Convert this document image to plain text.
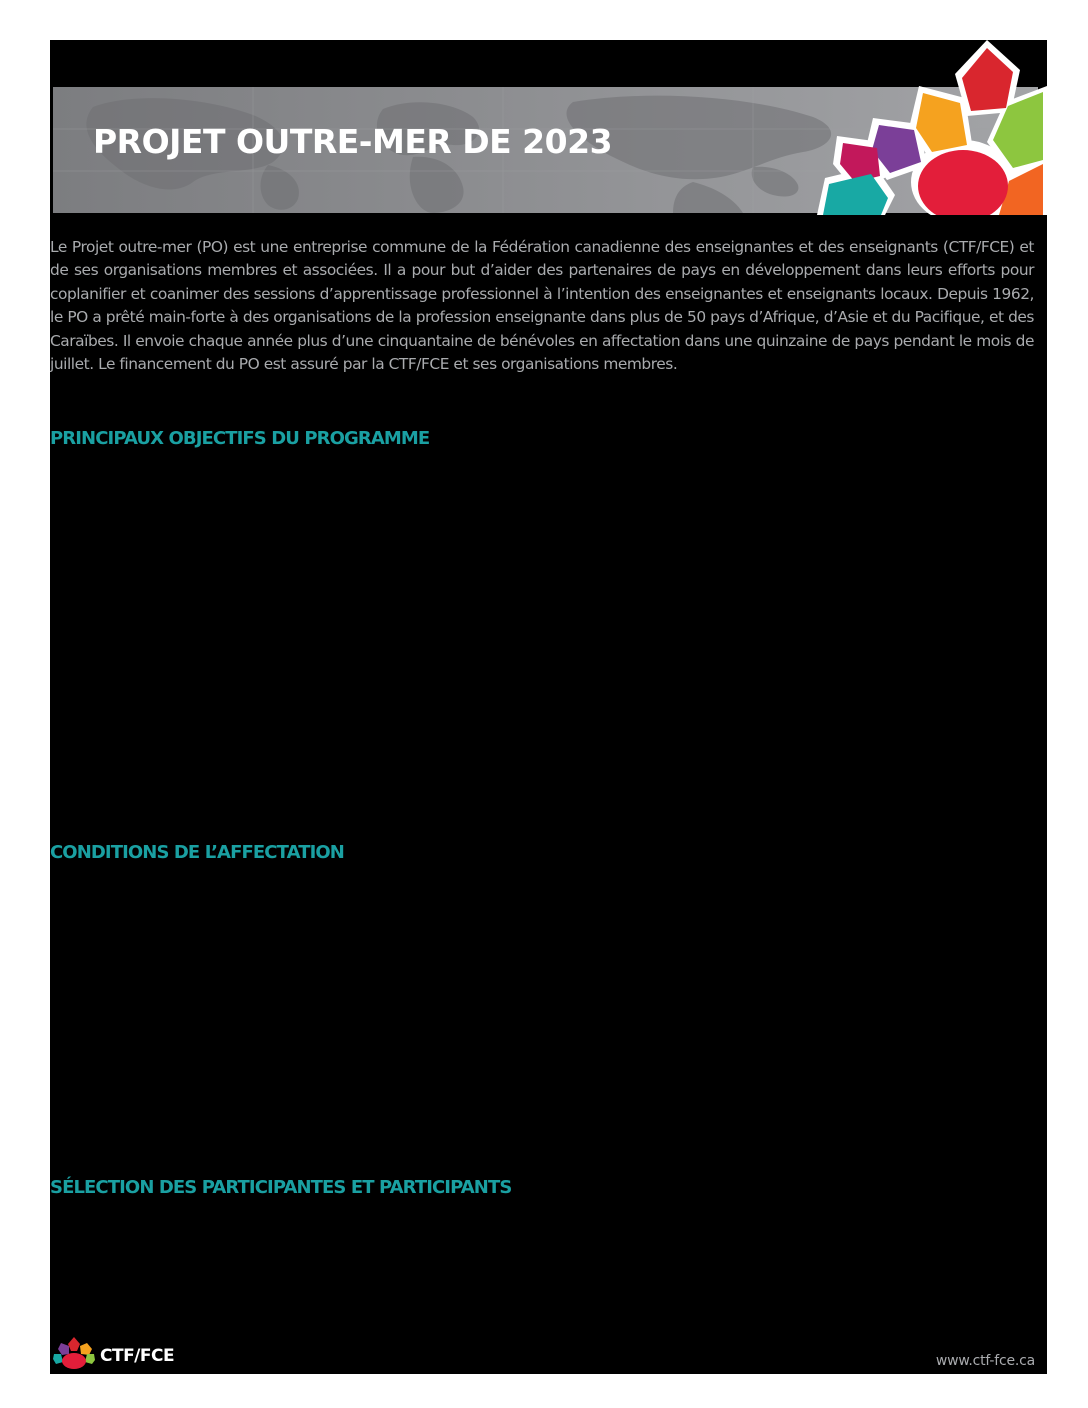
PROJET OUTRE-MER DE 2023

Le Projet outre-mer (PO) est une entreprise commune de la Fédération canadienne des enseignantes et des enseignants (CTF/FCE) et de ses organisations membres et associées. Il a pour but d’aider des partenaires de pays en développement dans leurs efforts pour coplanifier et coanimer des sessions d’apprentissage professionnel à l’intention des enseignantes et enseignants locaux. Depuis 1962, le PO a prêté main-forte à des organisations de la profession enseignante dans plus de 50 pays d’Afrique, d’Asie et du Pacifique, et des Caraïbes. Il envoie chaque année plus d’une cinquantaine de bénévoles en affectation dans une quinzaine de pays pendant le mois de juillet. Le financement du PO est assuré par la CTF/FCE et ses organisations membres.

PRINCIPAUX OBJECTIFS DU PROGRAMME
CONDITIONS DE L’AFFECTATION
SÉLECTION DES PARTICIPANTES ET PARTICIPANTS
CTF/FCE	www.ctf-fce.ca
